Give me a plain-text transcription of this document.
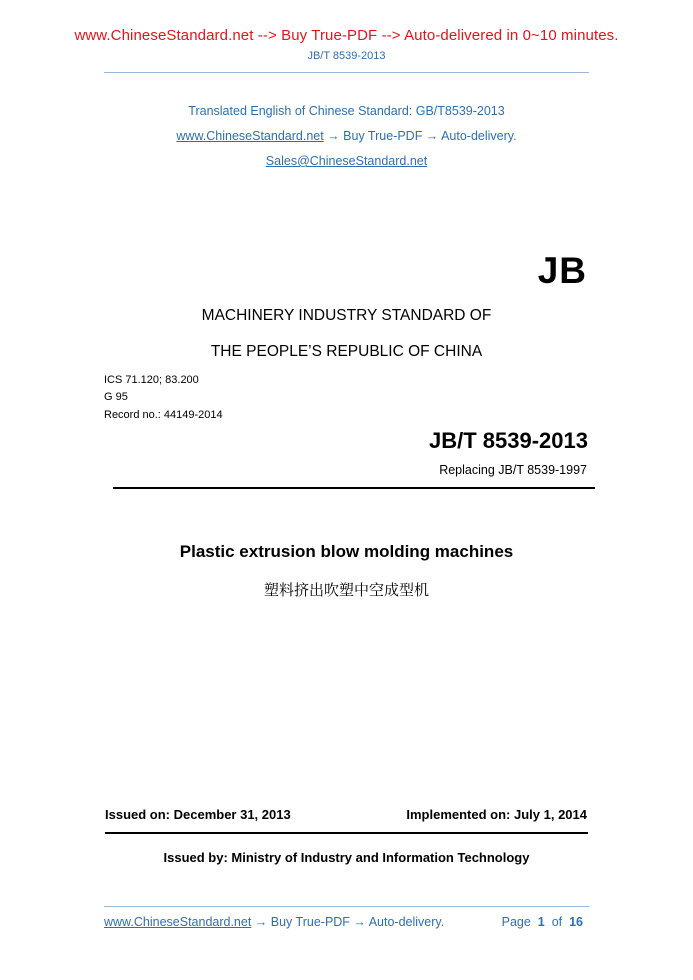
www.ChineseStandard.net --> Buy True-PDF --> Auto-delivered in 0~10 minutes.
JB/T 8539-2013
Translated English of Chinese Standard: GB/T8539-2013
www.ChineseStandard.net → Buy True-PDF → Auto-delivery.
Sales@ChineseStandard.net
JB
MACHINERY INDUSTRY STANDARD OF
THE PEOPLE’S REPUBLIC OF CHINA
ICS 71.120; 83.200
G 95
Record no.: 44149-2014
JB/T 8539-2013
Replacing JB/T 8539-1997
Plastic extrusion blow molding machines
塑料挤出吹塑中空成型机
Issued on: December 31, 2013	Implemented on: July 1, 2014
Issued by: Ministry of Industry and Information Technology
www.ChineseStandard.net → Buy True-PDF → Auto-delivery.	Page 1 of 16
